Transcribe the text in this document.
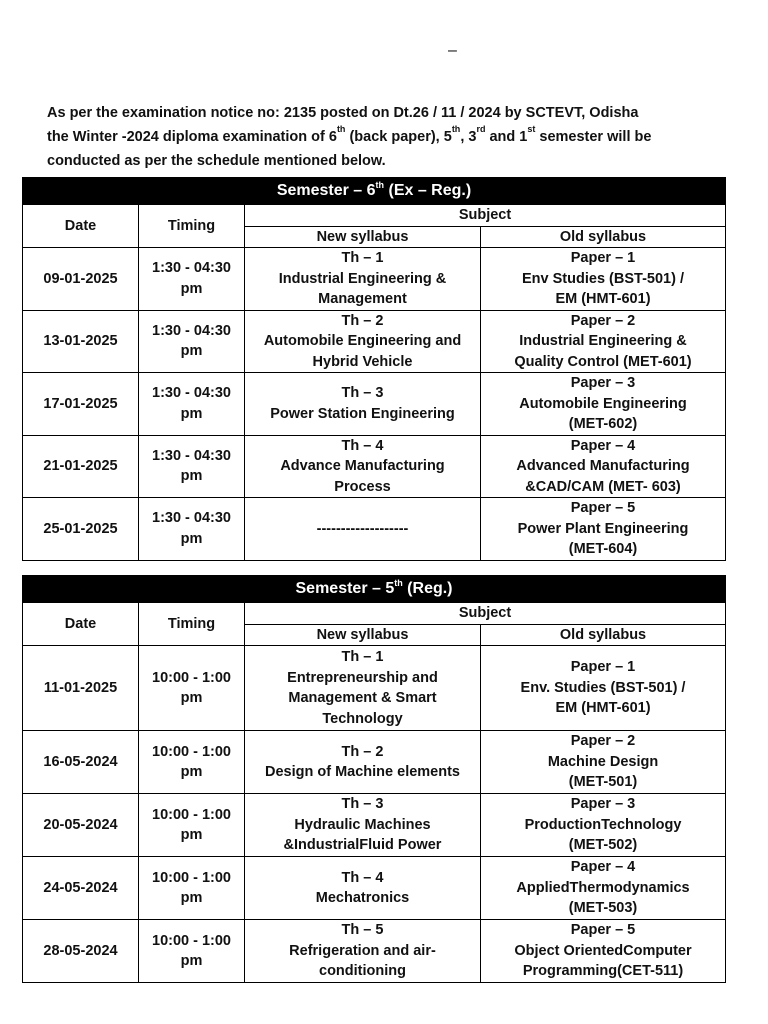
–
As per the examination notice no: 2135 posted on Dt.26 / 11 / 2024 by SCTEVT, Odisha
the Winter -2024 diploma examination of 6th (back paper), 5th, 3rd and 1st semester will be
conducted as per the schedule mentioned below.
Semester – 6th (Ex – Reg.)			
Date	Timing	Subject	
		New syllabus	Old syllabus
09-01-2025	1:30 - 04:30
pm	Th – 1
Industrial Engineering &
Management	Paper – 1
Env Studies (BST-501) /
EM (HMT-601)
13-01-2025	1:30 - 04:30
pm	Th – 2
Automobile Engineering and
Hybrid Vehicle	Paper – 2
Industrial Engineering &
Quality Control (MET-601)
17-01-2025	1:30 - 04:30
pm	Th – 3
Power Station Engineering	Paper – 3
Automobile Engineering
(MET-602)
21-01-2025	1:30 - 04:30
pm	Th – 4
Advance Manufacturing
Process	Paper – 4
Advanced Manufacturing
&CAD/CAM (MET- 603)
25-01-2025	1:30 - 04:30
pm	-------------------	Paper – 5
Power Plant Engineering
(MET-604)
Semester – 5th (Reg.)			
Date	Timing	Subject	
		New syllabus	Old syllabus
11-01-2025	10:00 - 1:00
pm	Th – 1
Entrepreneurship and
Management & Smart
Technology	Paper – 1
Env. Studies (BST-501) /
EM (HMT-601)
16-05-2024	10:00 - 1:00
pm	Th – 2
Design of Machine elements	Paper – 2
Machine Design
(MET-501)
20-05-2024	10:00 - 1:00
pm	Th – 3
Hydraulic Machines
&IndustrialFluid Power	Paper – 3
ProductionTechnology
(MET-502)
24-05-2024	10:00 - 1:00
pm	Th – 4
Mechatronics	Paper – 4
AppliedThermodynamics
(MET-503)
28-05-2024	10:00 - 1:00
pm	Th – 5
Refrigeration and air-
conditioning	Paper – 5
Object OrientedComputer
Programming(CET-511)
